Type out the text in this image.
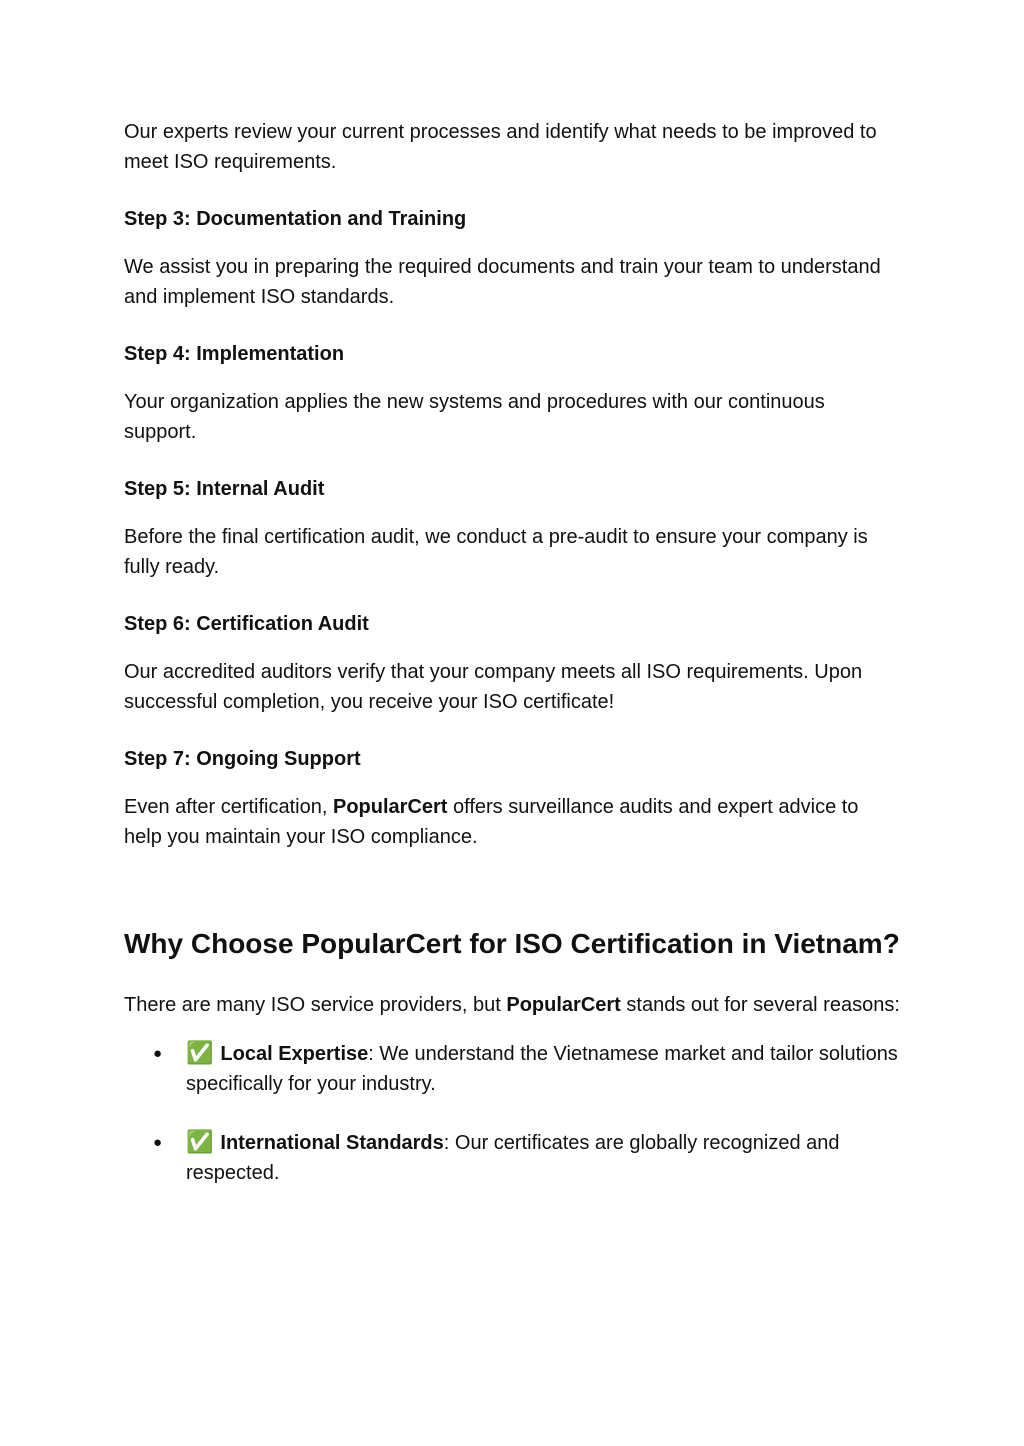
Our experts review your current processes and identify what needs to be improved to meet ISO requirements.

Step 3: Documentation and Training

We assist you in preparing the required documents and train your team to understand and implement ISO standards.

Step 4: Implementation

Your organization applies the new systems and procedures with our continuous support.

Step 5: Internal Audit

Before the final certification audit, we conduct a pre-audit to ensure your company is fully ready.

Step 6: Certification Audit

Our accredited auditors verify that your company meets all ISO requirements. Upon successful completion, you receive your ISO certificate!

Step 7: Ongoing Support

Even after certification, PopularCert offers surveillance audits and expert advice to help you maintain your ISO compliance.

Why Choose PopularCert for ISO Certification in Vietnam?

There are many ISO service providers, but PopularCert stands out for several reasons:

● ✅ Local Expertise: We understand the Vietnamese market and tailor solutions specifically for your industry.
● ✅ International Standards: Our certificates are globally recognized and respected.
